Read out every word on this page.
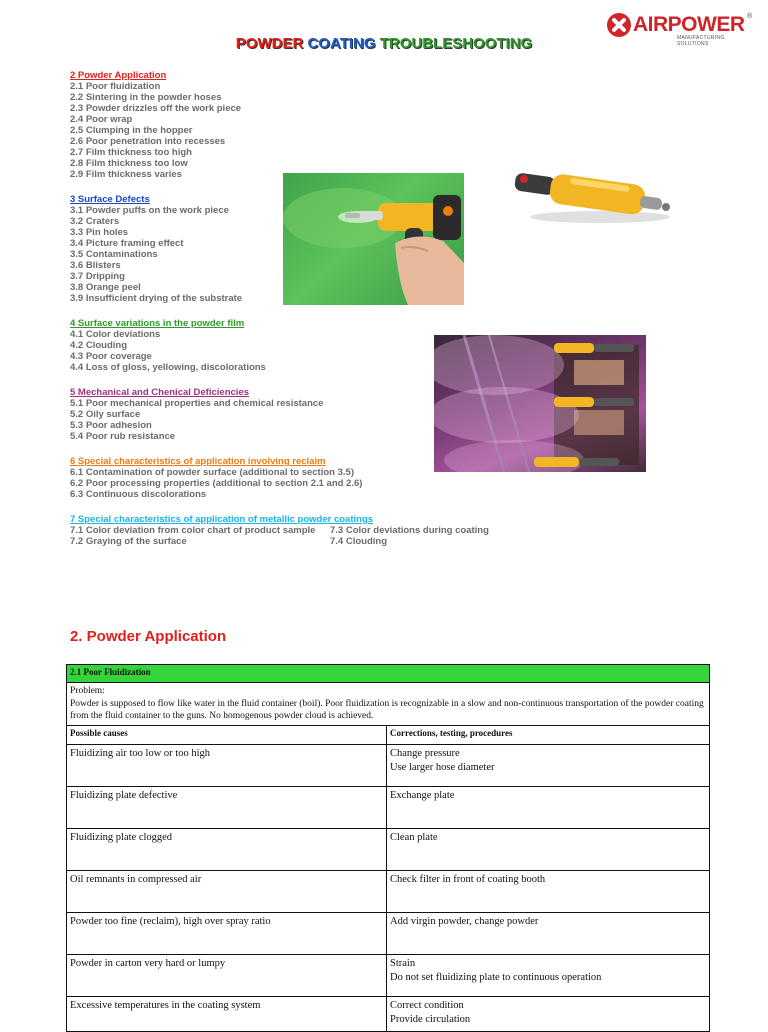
AIRPOWER ®
MANUFACTURING SOLUTIONS
POWDER COATING TROUBLESHOOTING
2 Powder Application
2.1 Poor fluidization
2.2 Sintering in the powder hoses
2.3 Powder drizzles off the work piece
2.4 Poor wrap
2.5 Clumping in the hopper
2.6 Poor penetration into recesses
2.7 Film thickness too high
2.8 Film thickness too low
2.9 Film thickness varies
3 Surface Defects
3.1 Powder puffs on the work piece
3.2 Craters
3.3 Pin holes
3.4 Picture framing effect
3.5 Contaminations
3.6 Blisters
3.7 Dripping
3.8 Orange peel
3.9 Insufficient drying of the substrate
4 Surface variations in the powder film
4.1 Color deviations
4.2 Clouding
4.3 Poor coverage
4.4 Loss of gloss, yellowing, discolorations
5 Mechanical and Chenical Deficiencies
5.1 Poor mechanical properties and chemical resistance
5.2 Oily surface
5.3 Poor adhesion
5.4 Poor rub resistance
6 Special characteristics of application involving reclaim
6.1 Contamination of powder surface (additional to section 3.5)
6.2 Poor processing properties (additional to section 2.1 and 2.6)
6.3 Continuous discolorations
7 Special characteristics of application of metallic powder coatings
7.1 Color deviation from color chart of product sample
7.2 Graying of the surface
7.3 Color deviations during coating
7.4 Clouding
2. Powder Application
2.1 Poor Fluidization	

Problem:
Powder is supposed to flow like water in the fluid container (boil). Poor fluidization is recognizable in a slow and non-continuous transportation of the powder coating from the fluid container to the guns. No homogenous powder cloud is achieved.	

Possible causes	Corrections, testing, procedures
Fluidizing air too low or too high	Change pressure
Use larger hose diameter

Fluidizing plate defective	Exchange plate

Fluidizing plate clogged	Clean plate

Oil remnants in compressed air	Check filter in front of coating booth

Powder too fine (reclaim), high over spray ratio	Add virgin powder, change powder

Powder in carton very hard or lumpy	Strain
Do not set fluidizing plate to continuous operation

Excessive temperatures in the coating system	Correct condition
Provide circulation
